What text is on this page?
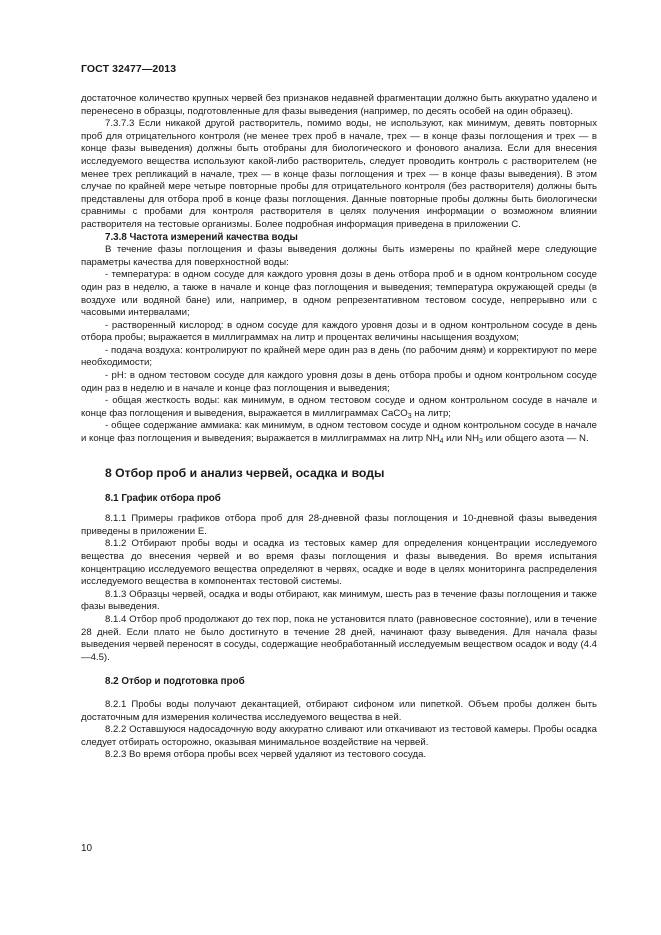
ГОСТ 32477—2013

достаточное количество крупных червей без признаков недавней фрагментации должно быть аккуратно удалено и перенесено в образцы, подготовленные для фазы выведения (например, по десять особей на один образец).

7.3.7.3 Если никакой другой растворитель, помимо воды, не используют, как минимум, девять повторных проб для отрицательного контроля (не менее трех проб в начале, трех — в конце фазы поглощения и трех — в конце фазы выведения) должны быть отобраны для биологического и фонового анализа. Если для внесения исследуемого вещества используют какой-либо растворитель, следует проводить контроль с растворителем (не менее трех репликаций в начале, трех — в конце фазы поглощения и трех — в конце фазы выведения). В этом случае по крайней мере четыре повторные пробы для отрицательного контроля (без растворителя) должны быть представлены для отбора проб в конце фазы поглощения. Данные повторные пробы должны быть биологически сравнимы с пробами для контроля растворителя в целях получения информации о возможном влиянии растворителя на тестовые организмы. Более подробная информация приведена в приложении С.

7.3.8 Частота измерений качества воды

В течение фазы поглощения и фазы выведения должны быть измерены по крайней мере следующие параметры качества для поверхностной воды:

- температура: в одном сосуде для каждого уровня дозы в день отбора проб и в одном контрольном сосуде один раз в неделю, а также в начале и конце фаз поглощения и выведения; температура окружающей среды (в воздухе или водяной бане) или, например, в одном репрезентативном тестовом сосуде, непрерывно или с часовыми интервалами;

- растворенный кислород: в одном сосуде для каждого уровня дозы и в одном контрольном сосуде в день отбора пробы; выражается в миллиграммах на литр и процентах величины насыщения воздухом;

- подача воздуха: контролируют по крайней мере один раз в день (по рабочим дням) и корректируют по мере необходимости;

- pH: в одном тестовом сосуде для каждого уровня дозы в день отбора пробы и одном контрольном сосуде один раз в неделю и в начале и конце фаз поглощения и выведения;

- общая жесткость воды: как минимум, в одном тестовом сосуде и одном контрольном сосуде в начале и конце фаз поглощения и выведения, выражается в миллиграммах CaCO$_3$ на литр;

- общее содержание аммиака: как минимум, в одном тестовом сосуде и одном контрольном сосуде в начале и конце фаз поглощения и выведения; выражается в миллиграммах на литр $NH_4$ или $NH_3$ или общего азота — N.

8 Отбор проб и анализ червей, осадка и воды
8.1 График отбора проб

8.1.1 Примеры графиков отбора проб для 28-дневной фазы поглощения и 10-дневной фазы выведения приведены в приложении Е.

8.1.2 Отбирают пробы воды и осадка из тестовых камер для определения концентрации исследуемого вещества до внесения червей и во время фазы поглощения и фазы выведения. Во время испытания концентрацию исследуемого вещества определяют в червях, осадке и воде в целях мониторинга распределения исследуемого вещества в компонентах тестовой системы.

8.1.3 Образцы червей, осадка и воды отбирают, как минимум, шесть раз в течение фазы поглощения и также фазы выведения.

8.1.4 Отбор проб продолжают до тех пор, пока не установится плато (равновесное состояние), или в течение 28 дней. Если плато не было достигнуто в течение 28 дней, начинают фазу выведения. Для начала фазы выведения червей переносят в сосуды, содержащие необработанный исследуемым веществом осадок и воду (4.4—4.5).

8.2 Отбор и подготовка проб

8.2.1 Пробы воды получают декантацией, отбирают сифоном или пипеткой. Объем пробы должен быть достаточным для измерения количества исследуемого вещества в ней.

8.2.2 Оставшуюся надосадочную воду аккуратно сливают или откачивают из тестовой камеры. Пробы осадка следует отбирать осторожно, оказывая минимальное воздействие на червей.

8.2.3 Во время отбора пробы всех червей удаляют из тестового сосуда.

10
